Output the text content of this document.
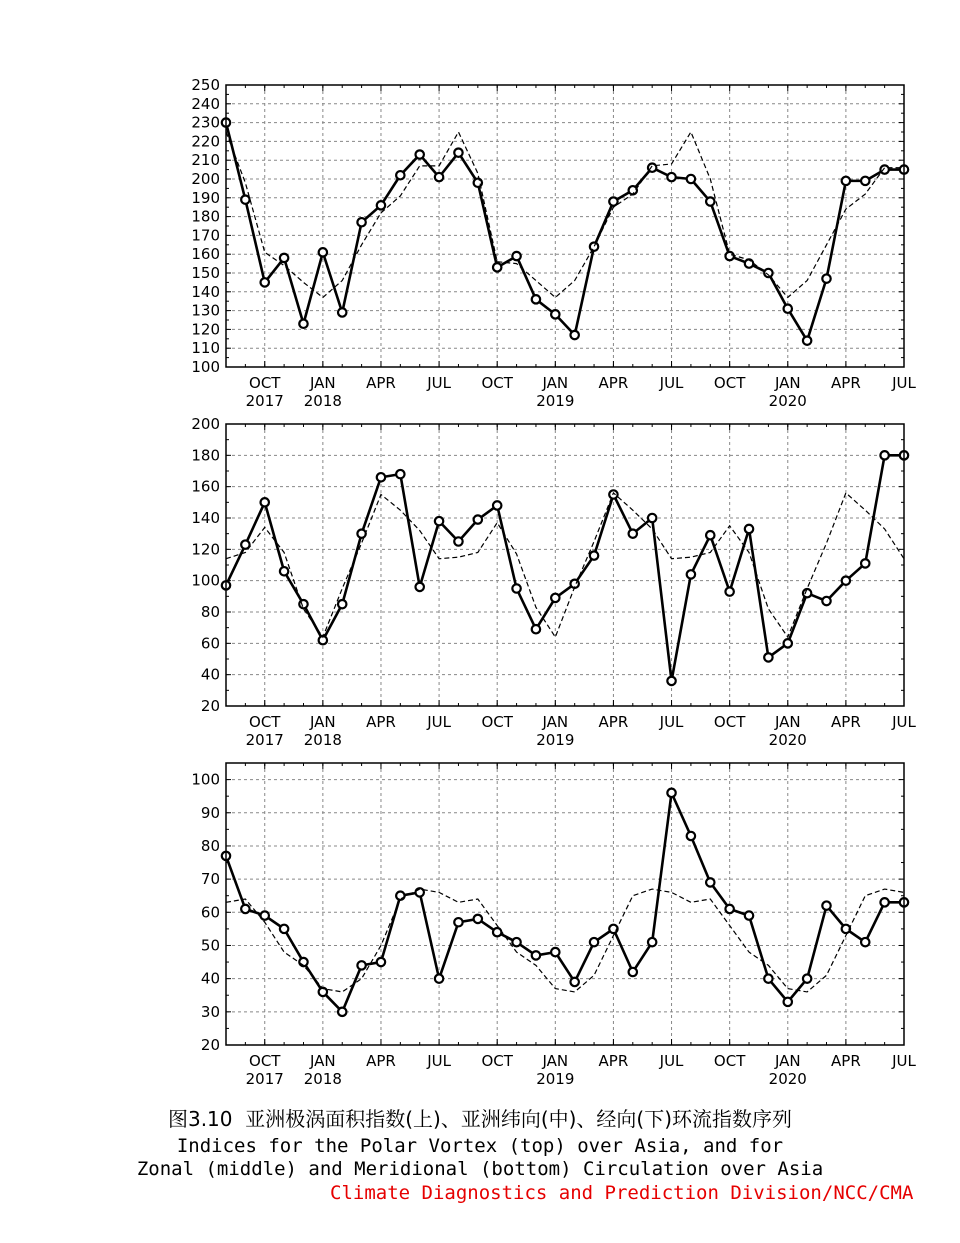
100
110
120
130
140
150
160
170
180
190
200
210
220
230
240
250
OCT
2017
JAN
2018
APR JUL OCT JAN
2019
APR JUL OCT JAN
2020
APR JUL
20
40
60
80
100
120
140
160
180
200
OCT
2017
JAN
2018
APR JUL OCT JAN
2019
APR JUL OCT JAN
2020
APR JUL
20
30
40
50
60
70
80
90
100
OCT
2017
JAN
2018
APR JUL OCT JAN
2019
APR JUL OCT JAN
2020
APR JUL
图3.10  亚洲极涡面积指数(上)、亚洲纬向(中)、经向(下)环流指数序列
Indices for the Polar Vortex (top) over Asia, and for
Zonal (middle) and Meridional (bottom) Circulation over Asia
Climate Diagnostics and Prediction Division/NCC/CMA
